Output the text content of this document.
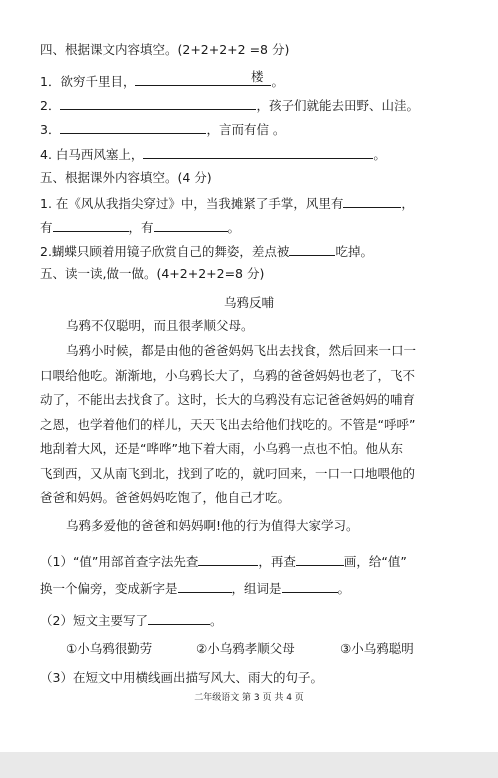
四、根据课文内容填空。(2+2+2+2 =8 分)
1．欲穷千里目，	楼 。
2．	，孩子们就能去田野、山洼。
3．	，言而有信 。
4. 白马西风塞上，	。
五、根据课外内容填空。(4 分)
1. 在《风从我指尖穿过》中，当我摊紧了手掌，风里有	，
有	，有	。
2.蝴蝶只顾着用镜子欣赏自己的舞姿，差点被	吃掉。
五、读一读,做一做。(4+2+2+2=8 分)
乌鸦反哺
乌鸦不仅聪明，而且很孝顺父母。

乌鸦小时候，都是由他的爸爸妈妈飞出去找食，然后回来一口一

口喂给他吃。渐渐地，小乌鸦长大了，乌鸦的爸爸妈妈也老了，飞不

动了，不能出去找食了。这时，长大的乌鸦没有忘记爸爸妈妈的哺育

之恩，也学着他们的样儿，天天飞出去给他们找吃的。不管是“呼呼”

地刮着大风，还是“哗哗”地下着大雨，小乌鸦一点也不怕。他从东

飞到西，又从南飞到北，找到了吃的，就叼回来，一口一口地喂他的

爸爸和妈妈。爸爸妈妈吃饱了，他自己才吃。

乌鸦多爱他的爸爸和妈妈啊!他的行为值得大家学习。
（1）“值”用部首查字法先查	，再查	画，给“值”
换一个偏旁，变成新字是	，组词是	。
（2）短文主要写了	。
①小乌鸦很勤劳	②小乌鸦孝顺父母	③小乌鸦聪明
（3）在短文中用横线画出描写风大、雨大的句子。
二年级语文 第 3 页 共 4 页
